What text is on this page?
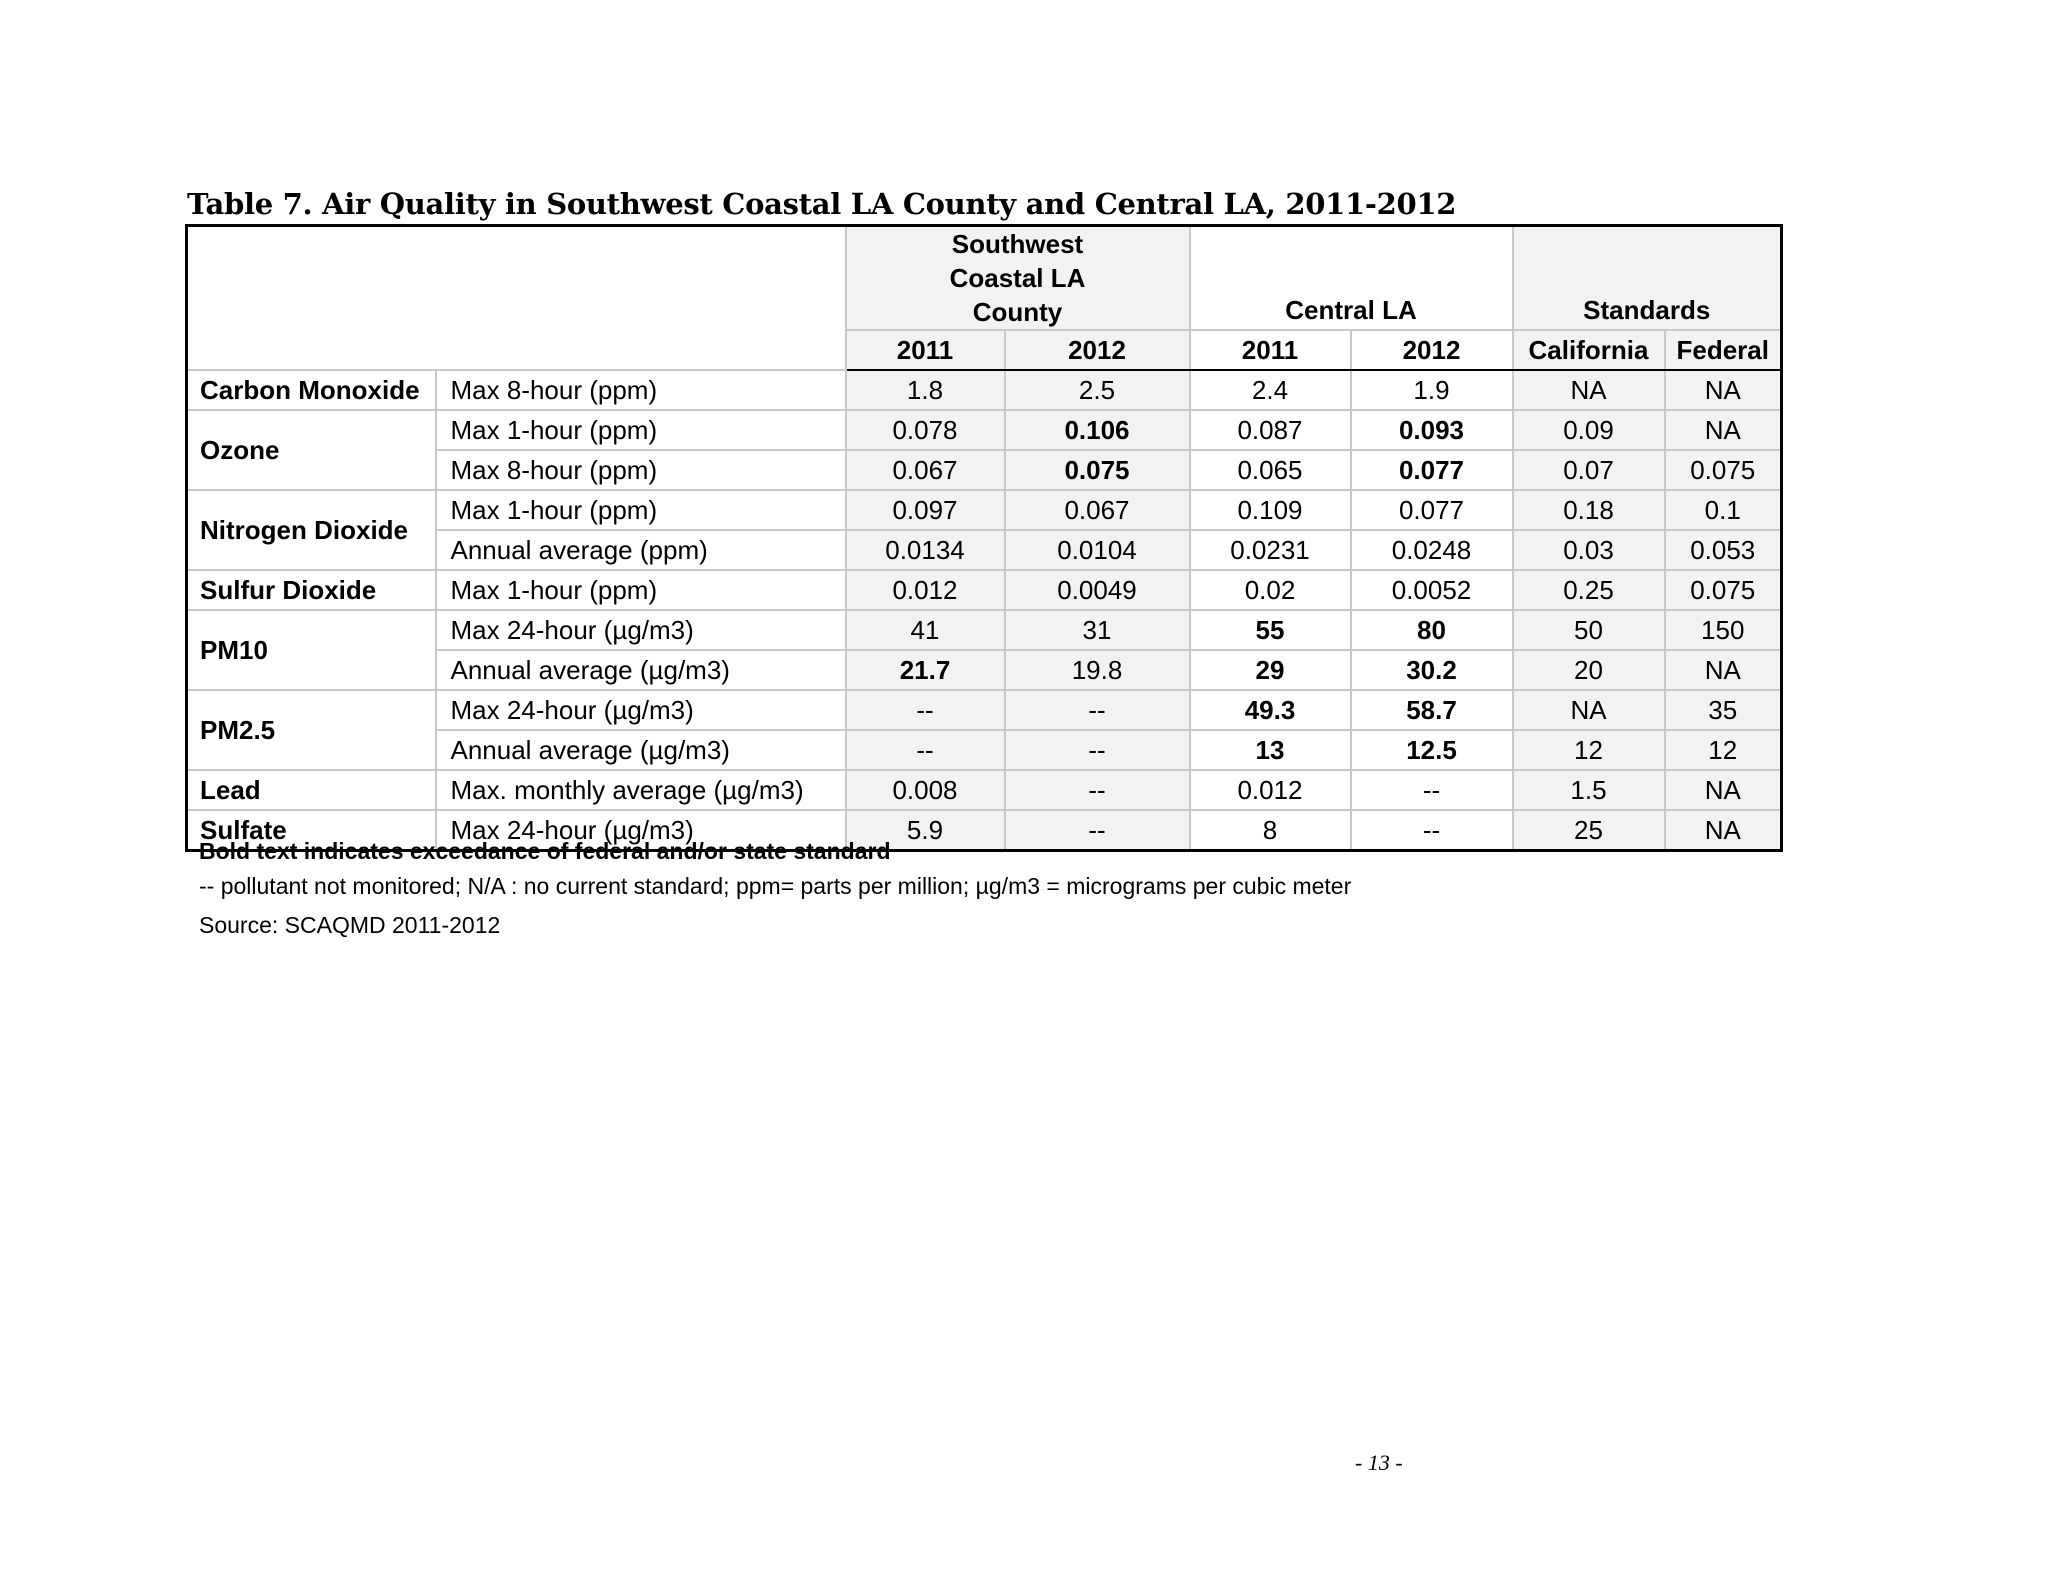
Table 7. Air Quality in Southwest Coastal LA County and Central LA, 2011-2012
		Southwest Coastal LA County		Central LA		Standards	
		2011	2012	2011	2012	California	Federal
Carbon Monoxide	Max 8-hour (ppm)	1.8	2.5	2.4	1.9	NA	NA
Ozone	Max 1-hour (ppm)	0.078	0.106	0.087	0.093	0.09	NA
	Max 8-hour (ppm)	0.067	0.075	0.065	0.077	0.07	0.075
Nitrogen Dioxide	Max 1-hour (ppm)	0.097	0.067	0.109	0.077	0.18	0.1
	Annual average (ppm)	0.0134	0.0104	0.0231	0.0248	0.03	0.053
Sulfur Dioxide	Max 1-hour (ppm)	0.012	0.0049	0.02	0.0052	0.25	0.075
PM10	Max 24-hour (µg/m3)	41	31	55	80	50	150
	Annual average (µg/m3)	21.7	19.8	29	30.2	20	NA
PM2.5	Max 24-hour (µg/m3)	--	--	49.3	58.7	NA	35
	Annual average (µg/m3)	--	--	13	12.5	12	12
Lead	Max. monthly average (µg/m3)	0.008	--	0.012	--	1.5	NA
Sulfate	Max 24-hour (µg/m3)	5.9	--	8	--	25	NA
Bold text indicates exceedance of federal and/or state standard
-- pollutant not monitored; N/A : no current standard; ppm= parts per million; µg/m3 = micrograms per cubic meter
Source: SCAQMD 2011-2012
- 13 -
